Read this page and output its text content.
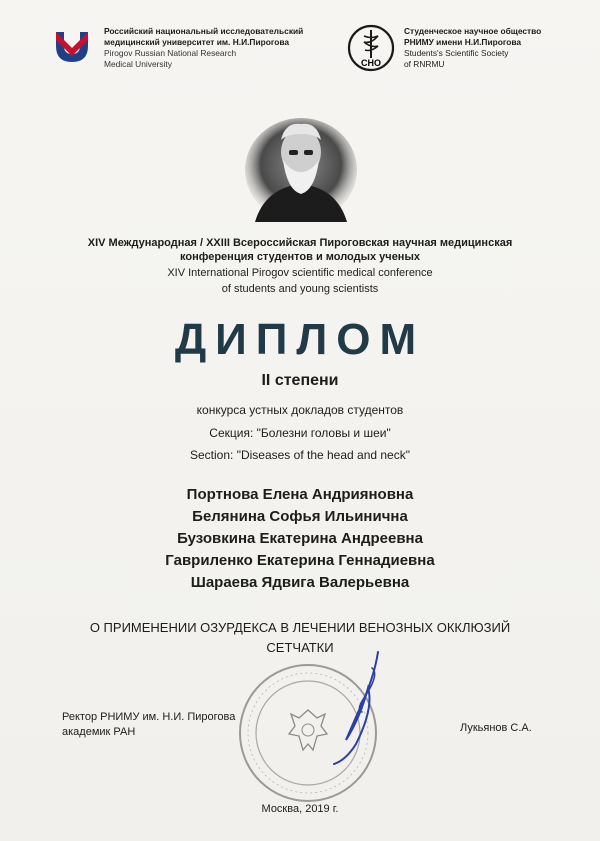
Российский национальный исследовательский
медицинский университет им. Н.И.Пирогова
Pirogov Russian National Research
Medical University	СНО
Студенческое научное общество
РНИМУ имени Н.И.Пирогова
Students's Scientific Society
of RNRMU
XIV Международная / XXIII Всероссийская Пироговская научная медицинская
конференция студентов и молодых ученых
XIV International Pirogov scientific medical conference
of students and young scientists
ДИПЛОМ
II степени
конкурса устных докладов студентов
Секция: "Болезни головы и шеи"
Section: "Diseases of the head and neck"
Портнова Елена Андрияновна
Белянина Софья Ильинична
Бузовкина Екатерина Андреевна
Гавриленко Екатерина Геннадиевна
Шараева Ядвига Валерьевна
О ПРИМЕНЕНИИ ОЗУРДЕКСА В ЛЕЧЕНИИ ВЕНОЗНЫХ ОККЛЮЗИЙ
СЕТЧАТКИ
Ректор РНИМУ им. Н.И. Пирогова
академик РАН	Лукьянов С.А.
Москва, 2019 г.
